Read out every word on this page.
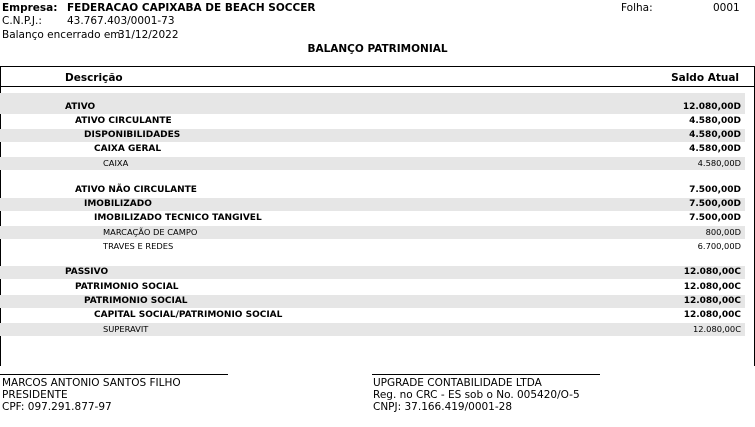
Empresa: FEDERACAO CAPIXABA DE BEACH SOCCER
C.N.P.J.: 43.767.403/0001-73
Balanço encerrado em:
31/12/2022
Folha:	0001
BALANÇO PATRIMONIAL
Descrição	Saldo Atual
ATIVO	12.080,00D
ATIVO CIRCULANTE	4.580,00D
DISPONIBILIDADES	4.580,00D
CAIXA GERAL	4.580,00D
CAIXA	4.580,00D
ATIVO NÃO CIRCULANTE	7.500,00D
IMOBILIZADO	7.500,00D
IMOBILIZADO TECNICO TANGIVEL	7.500,00D
MARCAÇÃO DE CAMPO	800,00D
TRAVES E REDES	6.700,00D
PASSIVO	12.080,00C
PATRIMONIO SOCIAL	12.080,00C
PATRIMONIO SOCIAL	12.080,00C
CAPITAL SOCIAL/PATRIMONIO SOCIAL	12.080,00C
SUPERAVIT	12.080,00C
MARCOS ANTONIO SANTOS FILHO
PRESIDENTE
CPF: 097.291.877-97
UPGRADE CONTABILIDADE LTDA
Reg. no CRC - ES sob o No. 005420/O-5
CNPJ: 37.166.419/0001-28
